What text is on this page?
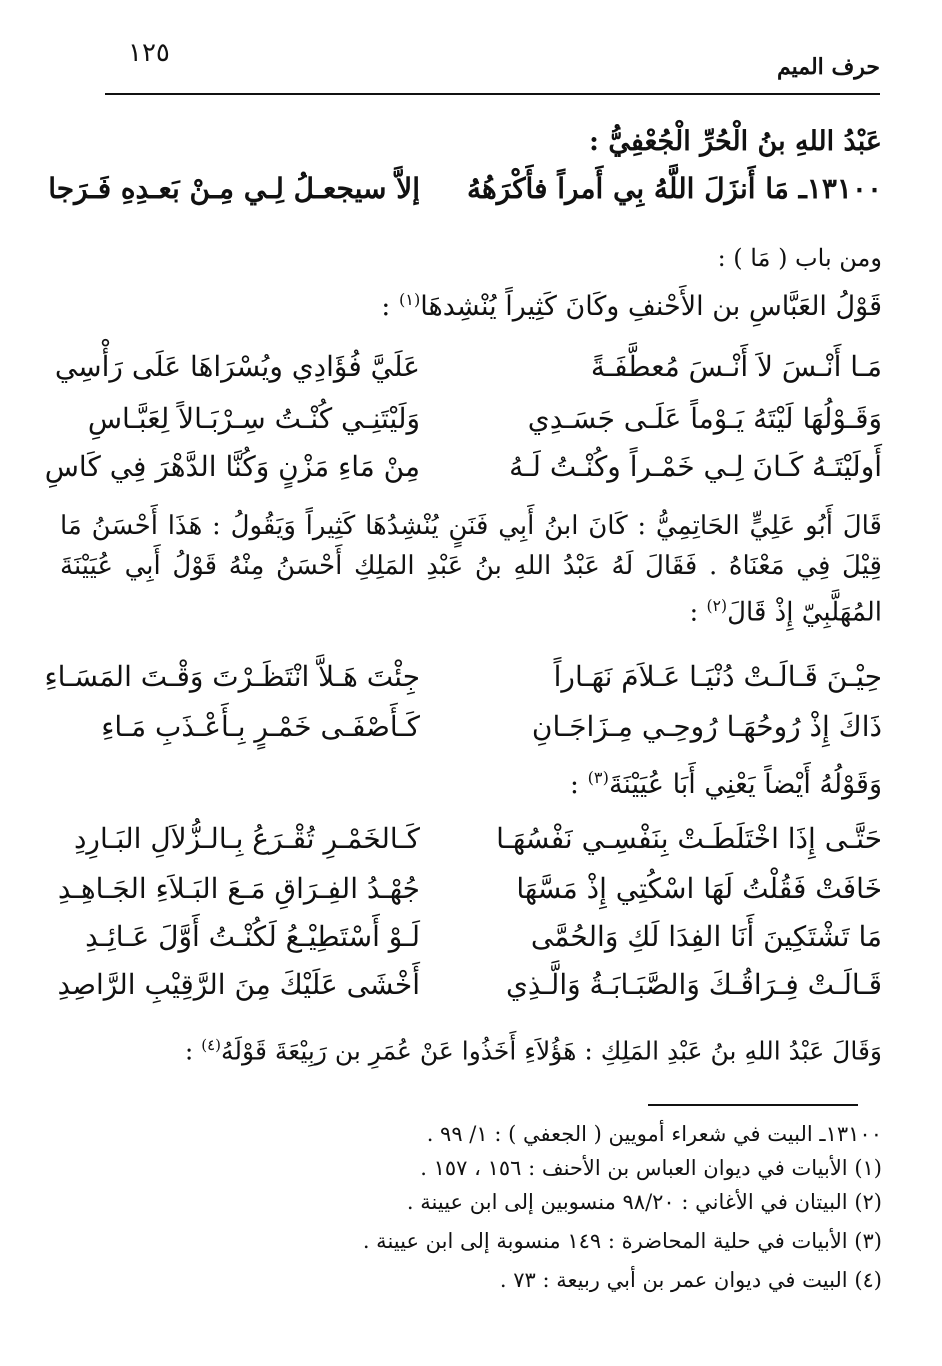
١٢٥	حرف الميم
عَبْدُ اللهِ بنُ الْحُرِّ الْجُعْفِيُّ :
١٣١٠٠ـ مَا أَنزَلَ اللَّهُ بِي أَمراً فأَكْرَهُهُ
إلاَّ سيجعـلُ لِـي مِـنْ بَعـدِهِ فَـرَجا
ومن باب ( مَا ) :
قَوْلُ العَبَّاسِ بن الأَحْنفِ وكَانَ كَثِيراً يُنْشِدهَا$^{(١)}$ :
مَـا أَنْـسَ لاَ أَنْـسَ مُعطَّفَـةً
عَلَيَّ فُؤَادِي ويُسْرَاهَا عَلَى رَأْسِي
وَقَـوْلُهَا لَيْتَهُ يَـوْماً عَلَـى جَسَـدِي
وَلَيْتَنِـي كُنْـتُ سِـرْبَـالاً لِعَبَّـاسِ
أَولَيْتَـهُ كَـانَ لِـي خَمْـراً وكُنْـتُ لَـهُ
مِنْ مَاءِ مَزْنٍ وَكُنَّا الدَّهْرَ فِي كَاسِ
قَالَ أَبُو عَلِيٍّ الحَاتِمِيُّ : كَانَ ابنُ أَبِي فَنَنٍ يُنْشِدُهَا كَثِيراً وَيَقُولُ : هَذَا أَحْسَنُ مَا قِيْلَ فِي مَعْنَاهُ . فَقَالَ لَهُ عَبْدُ اللهِ بنُ عَبْدِ المَلِكِ أَحْسَنُ مِنْهُ قَوْلُ أَبِي عُيَيْنَةَ المُهَلَّبِيّ إِذْ قَالَ$^{(٢)}$ :
حِيْـنَ قَـالَـتْ دُنْيَـا عَـلاَمَ نَهَـاراً
جِئْتَ هَـلاَّ انْتَظَـرْتَ وَقْـتَ المَسَـاءِ
ذَاكَ إِذْ رُوحُهَـا رُوحِـي مِـزَاجَـانِ
كَـأَصْفَـى خَمْـرٍ بِـأَعْـذَبِ مَـاءِ
وَقَوْلُهُ أَيْضاً يَعْنِي أَبَا عُيَيْنَةَ$^{(٣)}$ :
حَتَّـى إِذَا اخْتَلَطَـتْ بِنَفْسِـي نَفْسُهَـا
كَـالخَمْـرِ تُقْـرَعُ بِـالـزُّلاَلِ البَـارِدِ
خَافَتْ فَقُلْتُ لَهَا اسْكُتِي إِذْ مَسَّهَا
جُهْـدُ الفِـرَاقِ مَـعَ البَـلاَءِ الجَـاهِـدِ
مَا تَشْتَكِينَ أَنَا الفِدَا لَكِ وَالحُمَّى
لَـوْ أَسْتَطِيْـعُ لَكُنْـتُ أَوَّلَ عَـائِـدِ
قَـالَـتْ فِـرَاقُـكَ وَالصَّبَـابَـةُ وَالَّـذِي
أَخْشَى عَلَيْكَ مِنَ الرَّقِيْبِ الرَّاصِدِ
وَقَالَ عَبْدُ اللهِ بنُ عَبْدِ المَلِكِ : هَؤُلاَءِ أَخَذُوا عَنْ عُمَرِ بن رَبِيْعَةَ قَوْلَهُ$^{(٤)}$ :
١٣١٠٠ـ البيت في شعراء أمويين ( الجعفي ) : ١/ ٩٩ .
(١) الأبيات في ديوان العباس بن الأحنف : ١٥٦ ، ١٥٧ .
(٢) البيتان في الأغاني : ٩٨/٢٠ منسوبين إلى ابن عيينة .
(٣) الأبيات في حلية المحاضرة : ١٤٩ منسوبة إلى ابن عيينة .
(٤) البيت في ديوان عمر بن أبي ربيعة : ٧٣ .
